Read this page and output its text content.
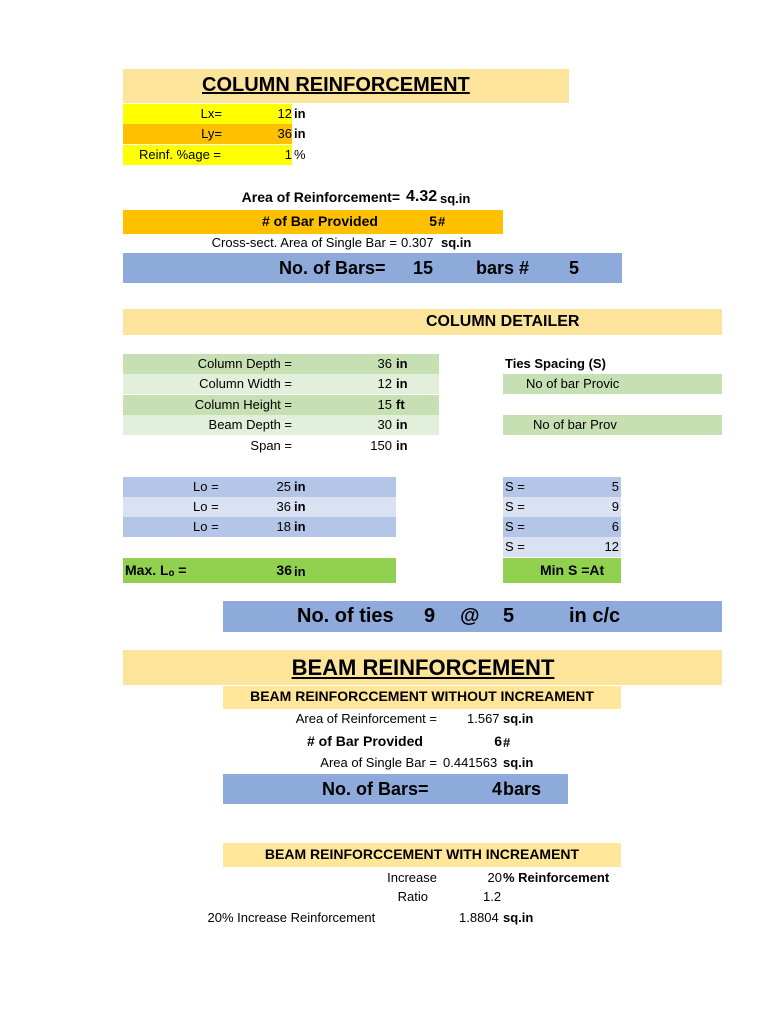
COLUMN REINFORCEMENT
Lx=	12 in
Ly=	36 in
Reinf. %age =	1 %
Area of Reinforcement= 4.32 sq.in
# of Bar Provided	5 #
Cross-sect. Area of Single Bar = 0.307 sq.in
No. of Bars=	15	bars #	5
COLUMN DETAILER
Column Depth =	36 in
Column Width =	12 in
Column Height =	15 ft
Beam Depth =	30 in
Span =	150 in
Ties Spacing (S)
No of bar Provic
No of bar Prov
Lo =	25 in
Lo =	36 in
Lo =	18 in
S =	5
S =	9
S =	6
S =	12
Max. Lₒ =	36 in	Min S =At
No. of ties	9	@ 5	in c/c
BEAM REINFORCEMENT
BEAM REINFORCCEMENT WITHOUT INCREAMENT
Area of Reinforcement = 1.567 sq.in
# of Bar Provided	6 #
Area of Single Bar = 0.441563 sq.in
No. of Bars=	4 bars
BEAM REINFORCCEMENT WITH INCREAMENT
Increase	20 % Reinforcement
Ratio	1.2
20 % Increase Reinforcement	1.8804 sq.in
